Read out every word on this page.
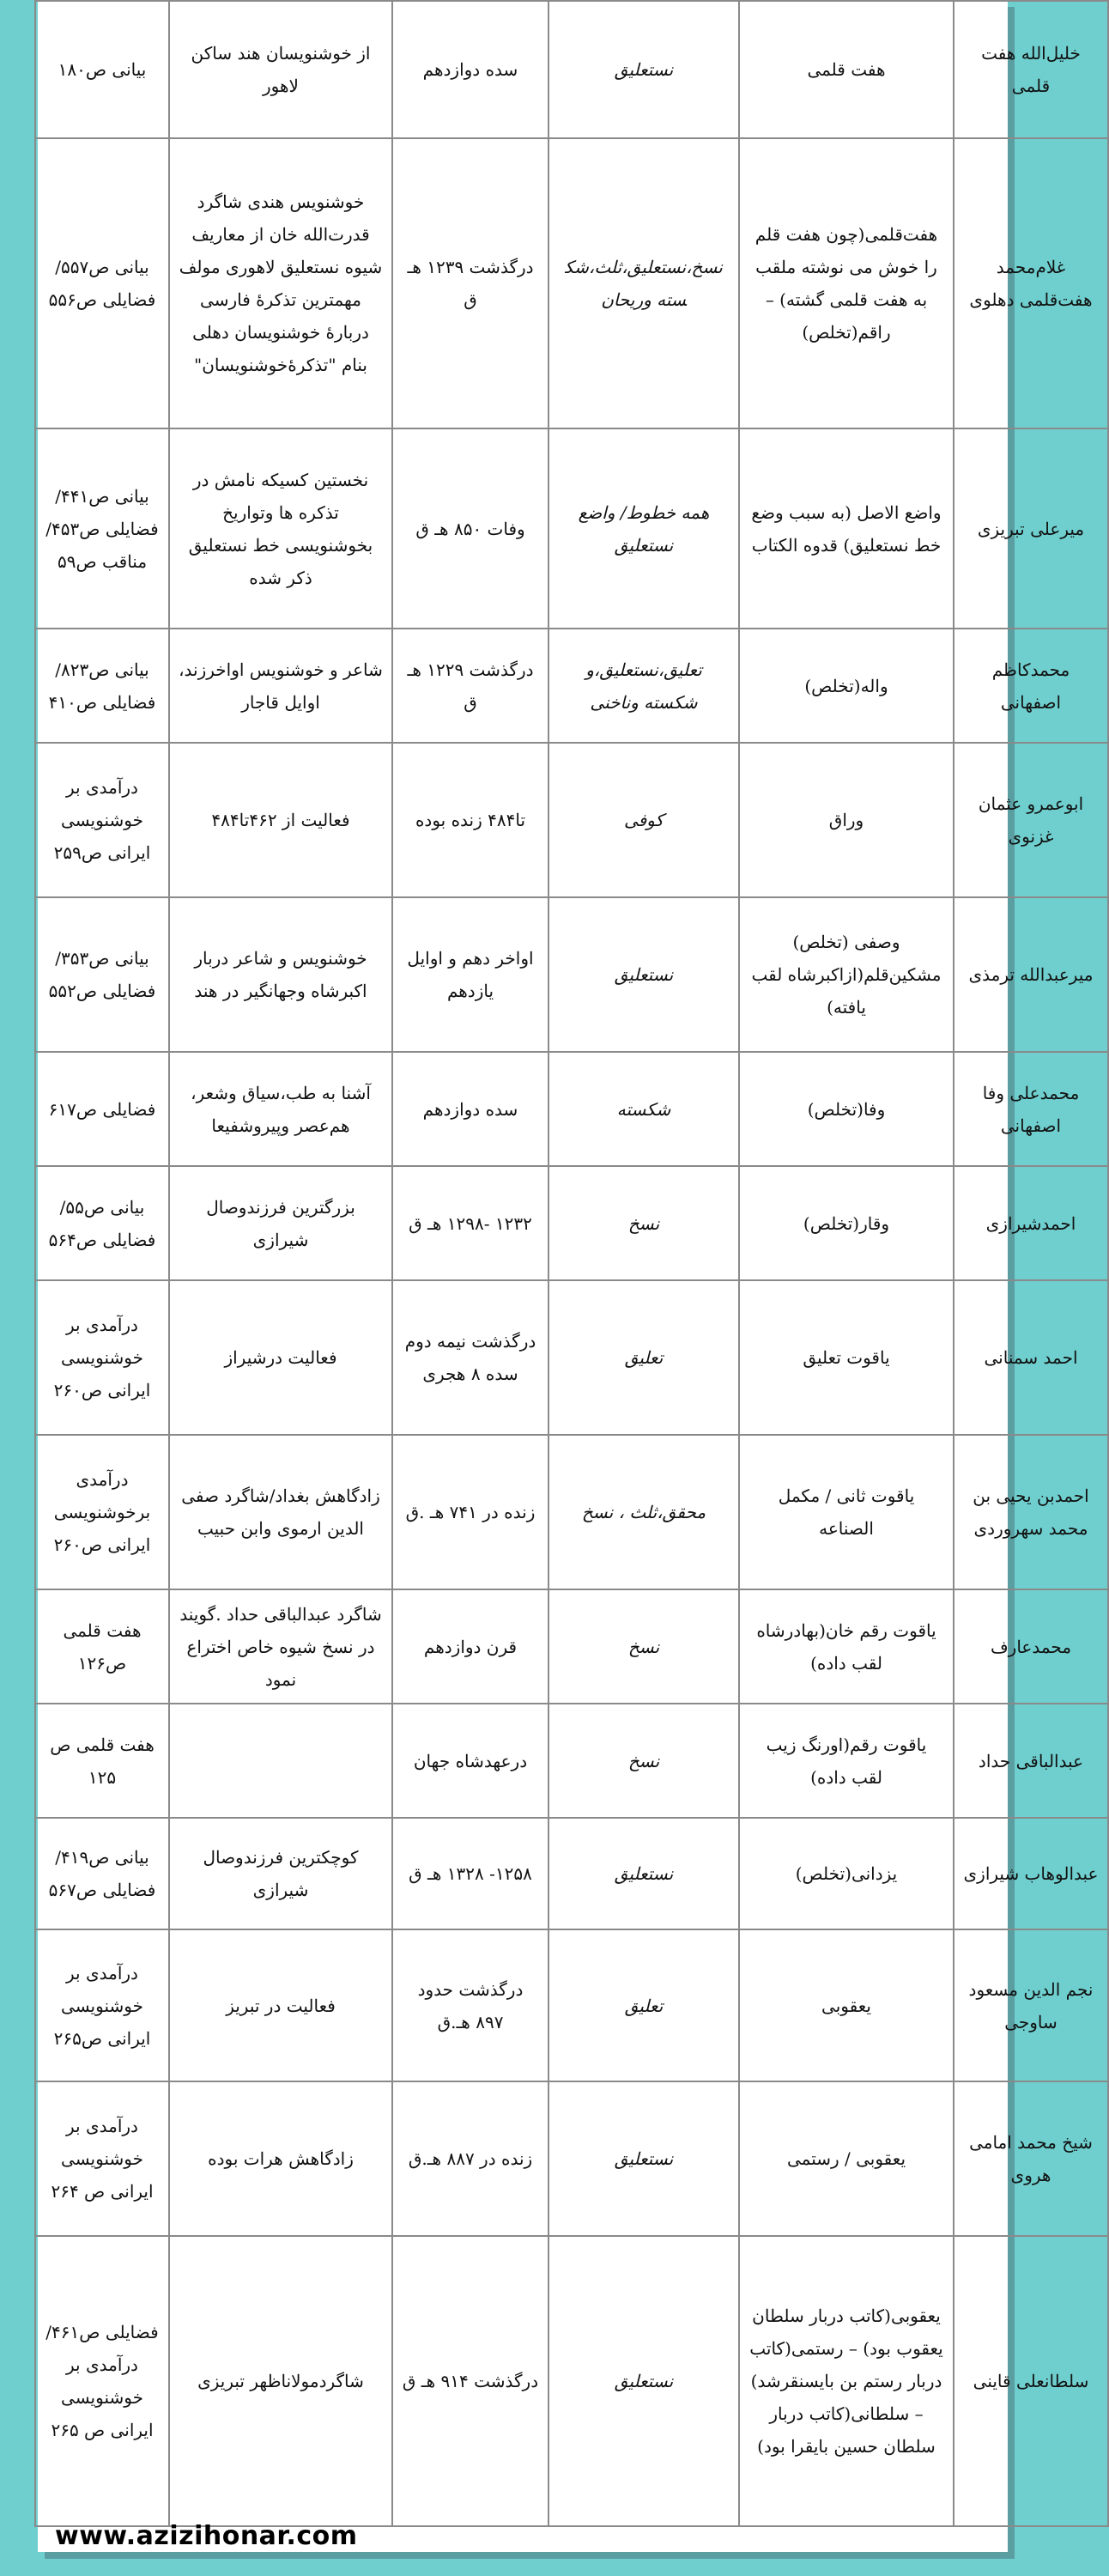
خلیل‌الله هفت قلمی	هفت قلمی	نستعلیق	سده دوازدهم	از خوشنویسان هند ساکن لاهور	بیانی ص۱۸۰
غلام‌محمد هفت‌قلمی دهلوی	هفت‌قلمی(چون هفت قلم را خوش می نوشته ملقب به هفت قلمی گشته) – راقم(تخلص)	نسخ،نستعلیق،ثلث،شکسته وریحان	درگذشت ۱۲۳۹ هـ ق	خوشنویس هندی شاگرد قدرت‌الله خان از معاریف شیوه نستعلیق لاهوری مولف مهمترین تذکرۀ فارسی دربارۀ خوشنویسان دهلی بنام "تذکرۀخوشنویسان"	بیانی ص۵۵۷/ فضایلی ص۵۵۶
میرعلی تبریزی	واضع الاصل (به سبب وضع خط نستعلیق) قدوه الکتاب	همه خطوط/ واضع نستعلیق	وفات ۸۵۰ هـ ق	نخستین کسیکه نامش در تذکره ها وتواریخ بخوشنویسی خط نستعلیق ذکر شده	بیانی ص۴۴۱/فضایلی ص۴۵۳/مناقب ص۵۹
محمدکاظم اصفهانی	واله(تخلص)	تعلیق،نستعلیق،و شکسته وناخنی	درگذشت ۱۲۲۹ هـ ق	شاعر و خوشنویس اواخرزند، اوایل قاجار	بیانی ص۸۲۳/ فضایلی ص۴۱۰
ابوعمرو عثمان غزنوی	وراق	کوفی	تا۴۸۴ زنده بوده	فعالیت از ۴۶۲تا۴۸۴	درآمدی بر خوشنویسی ایرانی ص۲۵۹
میرعبدالله ترمذی	وصفی (تخلص) مشکین‌قلم(ازاکبرشاه لقب یافته)	نستعلیق	اواخر دهم و اوایل یازدهم	خوشنویس و شاعر دربار اکبرشاه وجهانگیر در هند	بیانی ص۳۵۳/فضایلی ص۵۵۲
محمدعلی وفا اصفهانی	وفا(تخلص)	شکسته	سده دوازدهم	آشنا به طب،سیاق وشعر، هم‌عصر وپیروشفیعا	فضایلی ص۶۱۷
احمدشیرازی	وقار(تخلص)	نسخ	۱۲۳۲ -۱۲۹۸ هـ ق	بزرگترین فرزندوصال شیرازی	بیانی ص۵۵/ فضایلی ص۵۶۴
احمد سمنانی	یاقوت تعلیق	تعلیق	درگذشت نیمه دوم سده ۸ هجری	فعالیت درشیراز	درآمدی بر خوشنویسی ایرانی ص۲۶۰
احمدبن یحیی بن محمد سهروردی	یاقوت ثانی / مکمل الصناعه	محقق،ثلث ، نسخ	زنده در ۷۴۱ هـ .ق	زادگاهش بغداد/شاگرد صفی الدین ارموی وابن حبیب	درآمدی برخوشنویسی ایرانی ص۲۶۰
محمدعارف	یاقوت رقم خان(بهادرشاه لقب داده)	نسخ	قرن دوازدهم	شاگرد عبدالباقی حداد .گویند در نسخ شیوه خاص اختراع نمود	هفت قلمی ص۱۲۶
عبدالباقی حداد	یاقوت رقم(اورنگ زیب لقب داده)	نسخ	درعهدشاه جهان		هفت قلمی ص ۱۲۵
عبدالوهاب شیرازی	یزدانی(تخلص)	نستعلیق	۱۲۵۸- ۱۳۲۸ هـ ق	کوچکترین فرزندوصال شیرازی	بیانی ص۴۱۹/ فضایلی ص۵۶۷
نجم الدین مسعود ساوجی	یعقوبی	تعلیق	درگذشت حدود ۸۹۷ هـ.ق	فعالیت در تبریز	درآمدی بر خوشنویسی ایرانی ص۲۶۵
شیخ محمد امامی هروی	یعقوبی / رستمی	نستعلیق	زنده در ۸۸۷ هـ.ق	زادگاهش هرات بوده	درآمدی بر خوشنویسی ایرانی ص ۲۶۴
سلطانعلی قاینی	یعقوبی(کاتب دربار سلطان یعقوب بود) – رستمی(کاتب دربار رستم بن بایسنقرشد) – سلطانی(کاتب دربار سلطان حسین بایقرا بود)	نستعلیق	درگذشت ۹۱۴ هـ ق	شاگردمولاناظهر تبریزی	فضایلی ص۴۶۱/ درآمدی بر خوشنویسی ایرانی ص ۲۶۵
www.azizihonar.com
